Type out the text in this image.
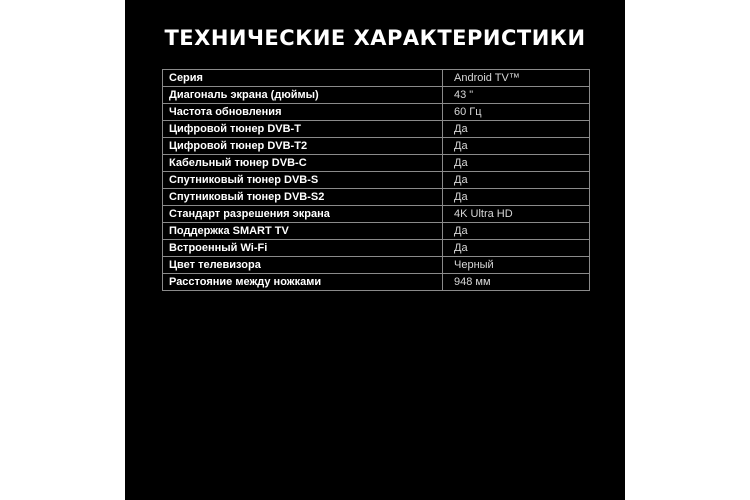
ТЕХНИЧЕСКИЕ ХАРАКТЕРИСТИКИ
Серия	Android TV™
Диагональ экрана (дюймы)	43 "
Частота обновления	60 Гц
Цифровой тюнер DVB-T	Да
Цифровой тюнер DVB-T2	Да
Кабельный тюнер DVB-C	Да
Спутниковый тюнер DVB-S	Да
Спутниковый тюнер DVB-S2	Да
Стандарт разрешения экрана	4K Ultra HD
Поддержка SMART TV	Да
Встроенный Wi-Fi	Да
Цвет телевизора	Черный
Расстояние между ножками	948 мм
